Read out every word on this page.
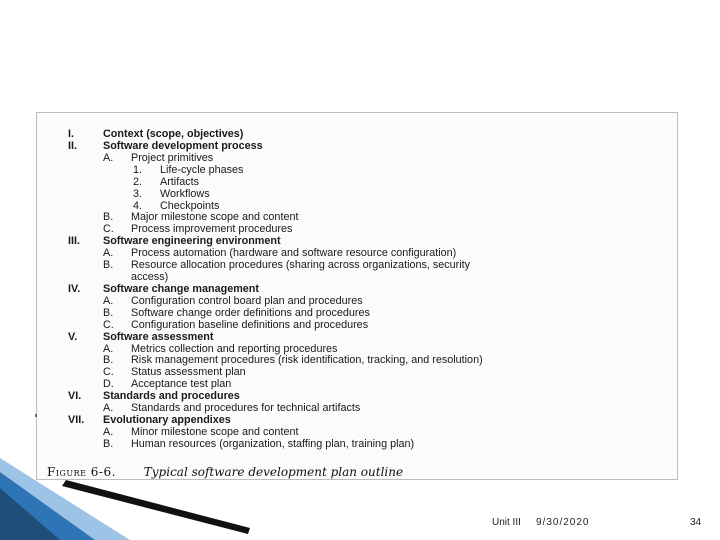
I.	Context (scope, objectives)
II. Software development process
A. Project primitives
1. Life-cycle phases
2. Artifacts
3. Workflows
4. Checkpoints
B. Major milestone scope and content
C. Process improvement procedures
III. Software engineering environment
A. Process automation (hardware and software resource configuration)
B. Resource allocation procedures (sharing across organizations, security
access)
IV. Software change management
A. Configuration control board plan and procedures
B. Software change order definitions and procedures
C. Configuration baseline definitions and procedures
V. Software assessment
A. Metrics collection and reporting procedures
B. Risk management procedures (risk identification, tracking, and resolution)
C. Status assessment plan
D. Acceptance test plan
VI. Standards and procedures
A. Standards and procedures for technical artifacts
VII. Evolutionary appendixes
A. Minor milestone scope and content
B. Human resources (organization, staffing plan, training plan)
Figure 6-6. Typical software development plan outline
Unit III 9/30/2020	34
